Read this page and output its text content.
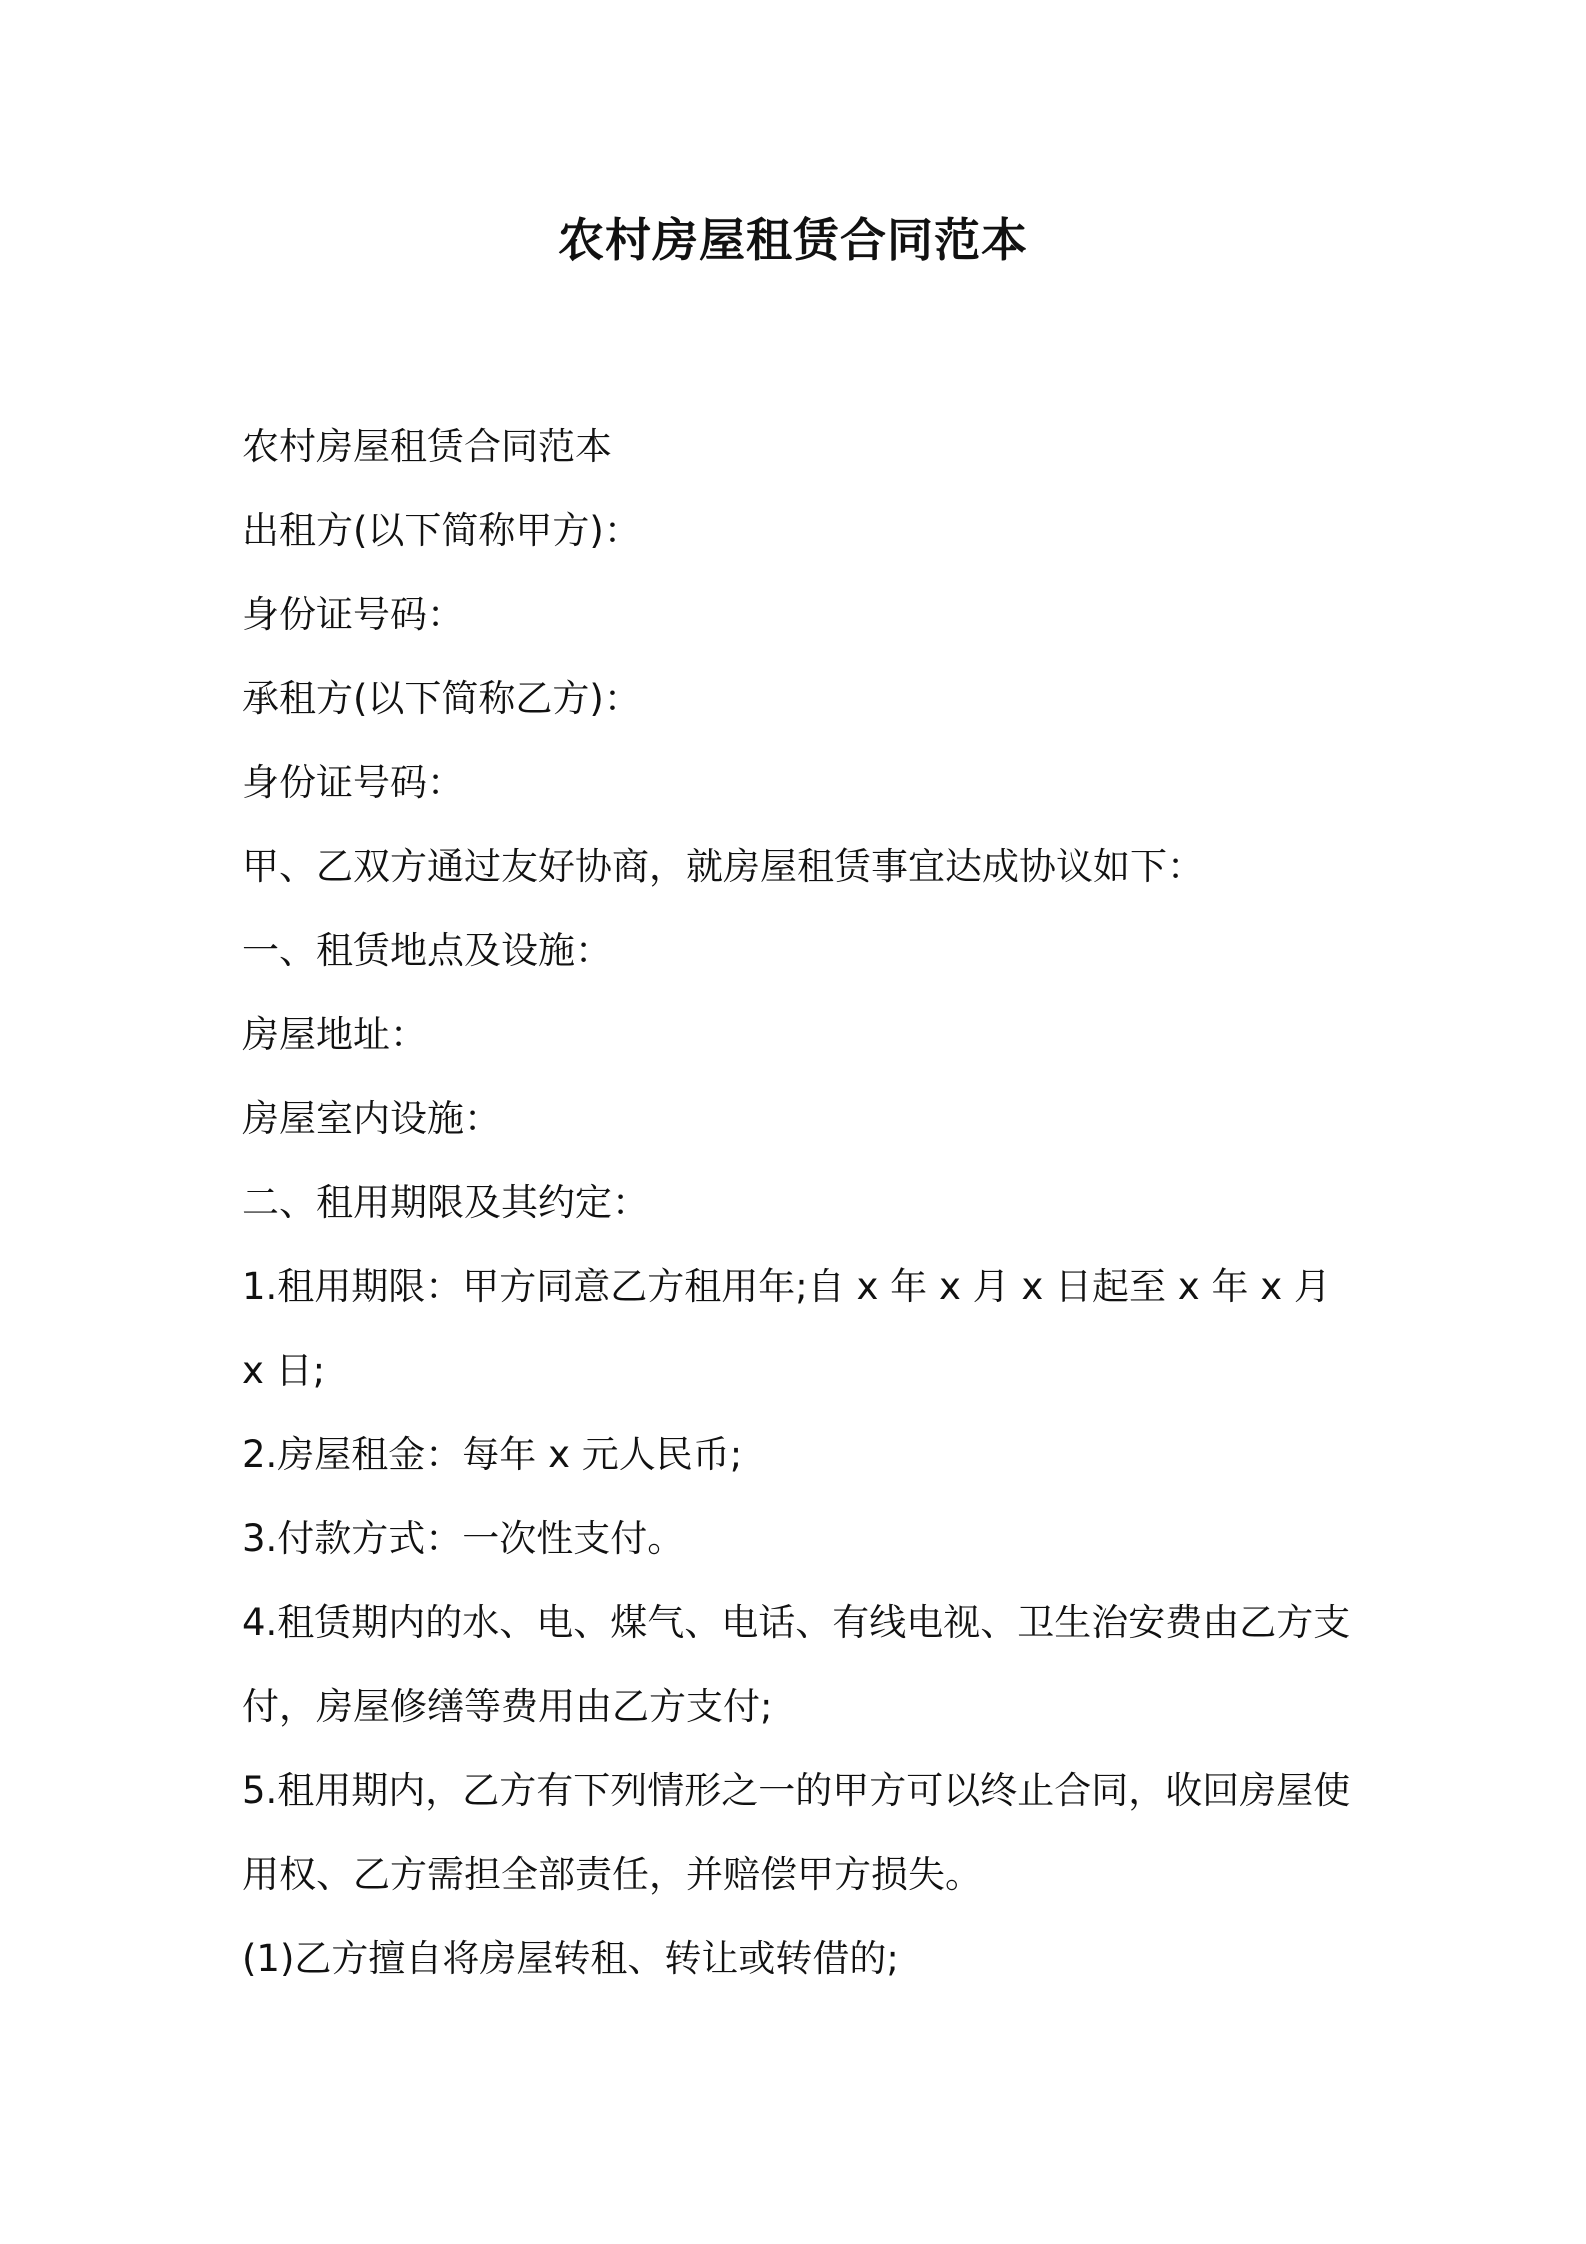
农村房屋租赁合同范本

农村房屋租赁合同范本

出租方(以下简称甲方)：

身份证号码：

承租方(以下简称乙方)：

身份证号码：

甲、乙双方通过友好协商，就房屋租赁事宜达成协议如下：

一、租赁地点及设施：

房屋地址：

房屋室内设施：

二、租用期限及其约定：

1.租用期限：甲方同意乙方租用年;自 x 年 x 月 x 日起至 x 年 x 月 x 日;

2.房屋租金：每年 x 元人民币;

3.付款方式：一次性支付。

4.租赁期内的水、电、煤气、电话、有线电视、卫生治安费由乙方支付，房屋修缮等费用由乙方支付;

5.租用期内，乙方有下列情形之一的甲方可以终止合同，收回房屋使用权、乙方需担全部责任，并赔偿甲方损失。

(1)乙方擅自将房屋转租、转让或转借的;
